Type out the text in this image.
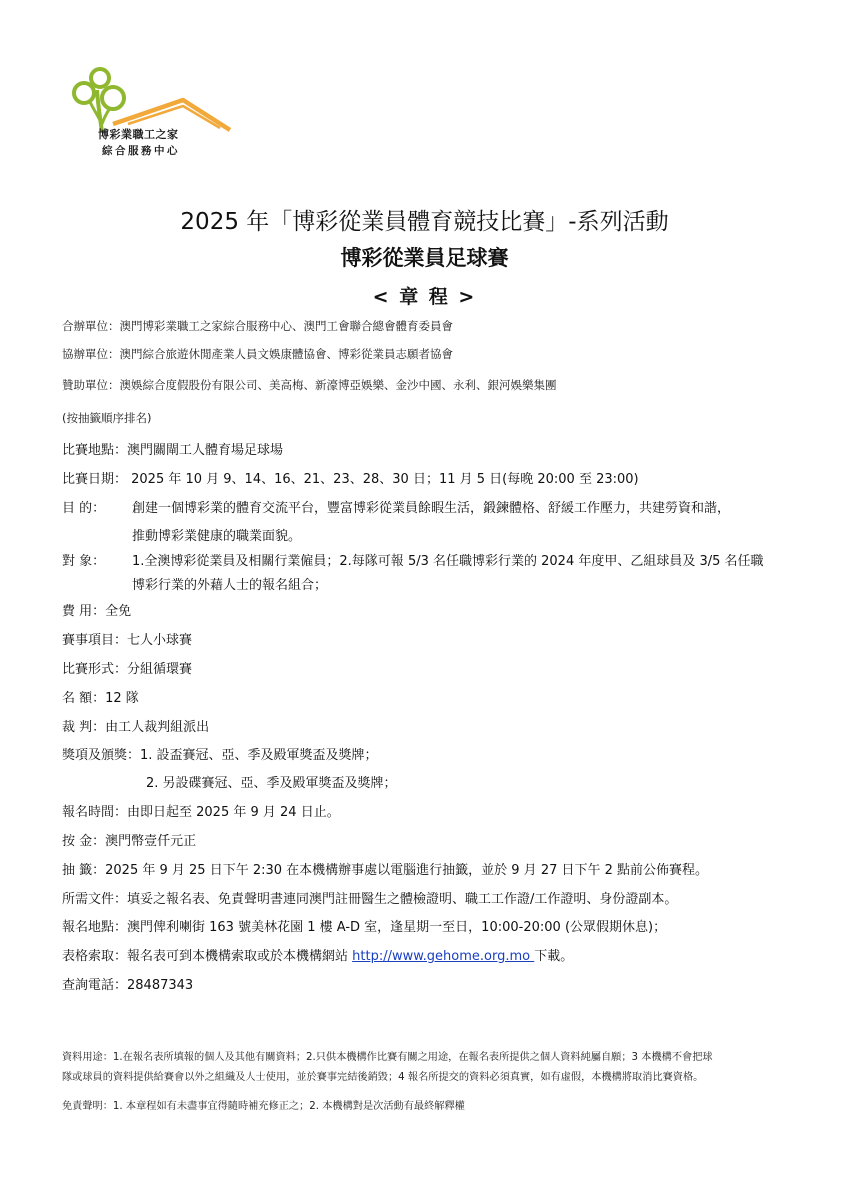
博彩業職工之家
綜合服務中心
2025 年「博彩從業員體育競技比賽」-系列活動
博彩從業員足球賽
< 章 程 >
合辦單位：澳門博彩業職工之家綜合服務中心、澳門工會聯合總會體育委員會
協辦單位：澳門綜合旅遊休閒產業人員文娛康體協會、博彩從業員志願者協會
贊助單位：澳娛綜合度假股份有限公司、美高梅、新濠博亞娛樂、金沙中國、永利、銀河娛樂集團
(按抽籤順序排名)
比賽地點：澳門關閘工人體育場足球場
比賽日期： 2025 年 10 月 9、14、16、21、23、28、30 日；11 月 5 日(每晚 20:00 至 23:00)
目 的： 創建一個博彩業的體育交流平台，豐富博彩從業員餘暇生活，鍛鍊體格、舒緩工作壓力，共建勞資和諧，
推動博彩業健康的職業面貌。
對 象： 1.全澳博彩從業員及相關行業僱員；2.每隊可報 5/3 名任職博彩行業的 2024 年度甲、乙組球員及 3/5 名任職
博彩行業的外藉人士的報名組合；
費 用：全免
賽事項目：七人小球賽
比賽形式：分組循環賽
名 額：12 隊
裁 判：由工人裁判組派出
獎項及頒獎：1. 設盃賽冠、亞、季及殿軍獎盃及獎牌；
2. 另設碟賽冠、亞、季及殿軍獎盃及獎牌；
報名時間：由即日起至 2025 年 9 月 24 日止。
按 金：澳門幣壹仟元正
抽 籤：2025 年 9 月 25 日下午 2:30 在本機構辦事處以電腦進行抽籤，並於 9 月 27 日下午 2 點前公佈賽程。
所需文件：填妥之報名表、免責聲明書連同澳門註冊醫生之體檢證明、職工工作證/工作證明、身份證副本。
報名地點：澳門俾利喇街 163 號美林花園 1 樓 A-D 室，逢星期一至日，10:00-20:00 (公眾假期休息)；
表格索取：報名表可到本機構索取或於本機構網站 http://www.gehome.org.mo 下載。
查詢電話：28487343
資料用途：1.在報名表所填報的個人及其他有關資料；2.只供本機構作比賽有關之用途，在報名表所提供之個人資料純屬自願；3 本機構不會把球
隊或球員的資料提供給賽會以外之組織及人士使用，並於賽事完結後銷毀；4 報名所提交的資料必須真實，如有虛假，本機構將取消比賽資格。
免責聲明：1. 本章程如有未盡事宜得隨時補充修正之；2. 本機構對是次活動有最終解釋權
